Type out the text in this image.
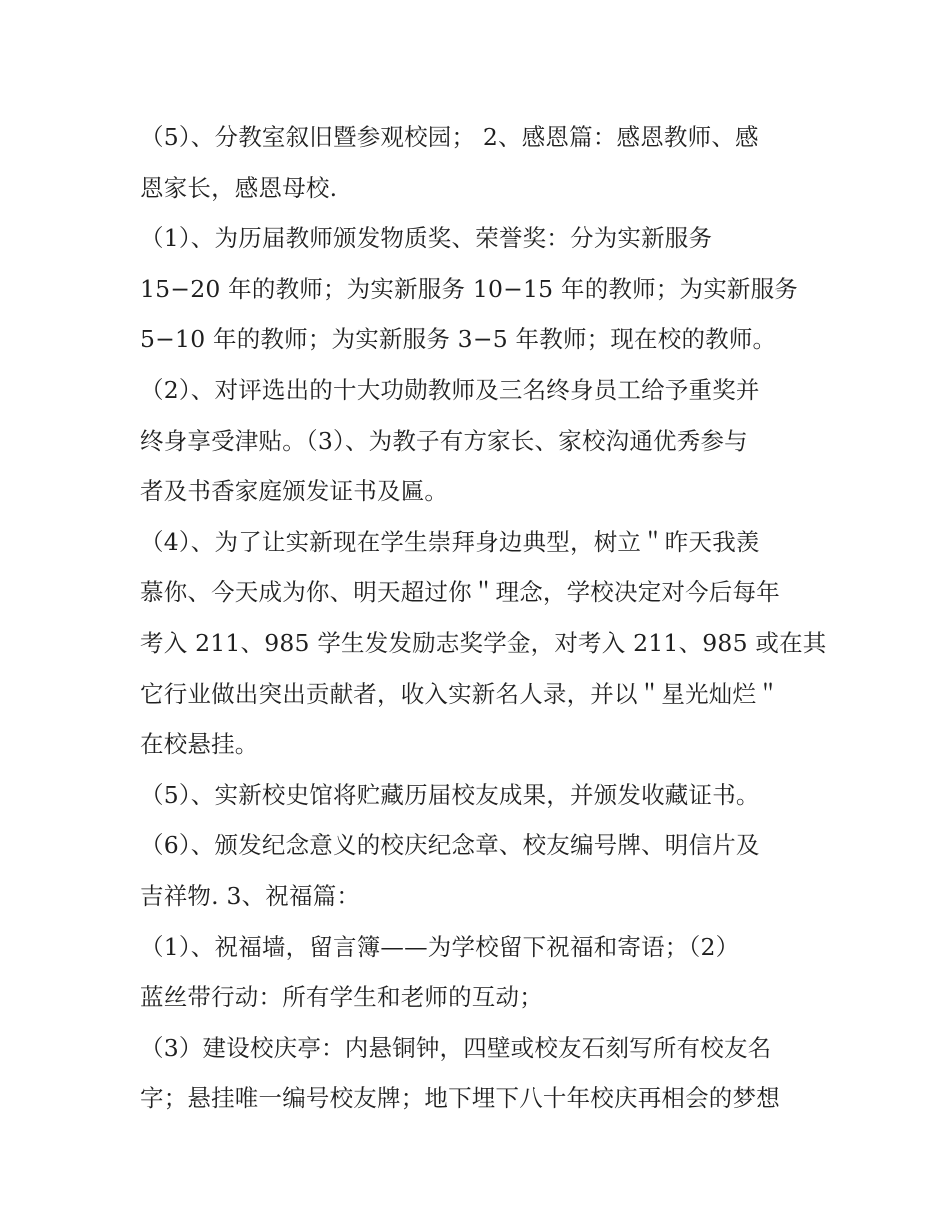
（5）、分教室叙旧暨参观校园； 2、感恩篇：感恩教师、感
恩家长，感恩母校.
（1）、为历届教师颁发物质奖、荣誉奖：分为实新服务
15−20 年的教师；为实新服务 10−15 年的教师；为实新服务
5−10 年的教师；为实新服务 3−5 年教师；现在校的教师。
（2）、对评选出的十大功勋教师及三名终身员工给予重奖并
终身享受津贴。（3）、为教子有方家长、家校沟通优秀参与
者及书香家庭颁发证书及匾。
（4）、为了让实新现在学生崇拜身边典型，树立＂昨天我羡
慕你、今天成为你、明天超过你＂理念，学校决定对今后每年
考入 211、985 学生发发励志奖学金，对考入 211、985 或在其
它行业做出突出贡献者，收入实新名人录，并以＂星光灿烂＂
在校悬挂。
（5）、实新校史馆将贮藏历届校友成果，并颁发收藏证书。
（6）、颁发纪念意义的校庆纪念章、校友编号牌、明信片及
吉祥物. 3、祝福篇：
（1）、祝福墙，留言簿——为学校留下祝福和寄语；（2）
蓝丝带行动：所有学生和老师的互动；
（3）建设校庆亭：内悬铜钟，四壁或校友石刻写所有校友名
字；悬挂唯一编号校友牌；地下埋下八十年校庆再相会的梦想
